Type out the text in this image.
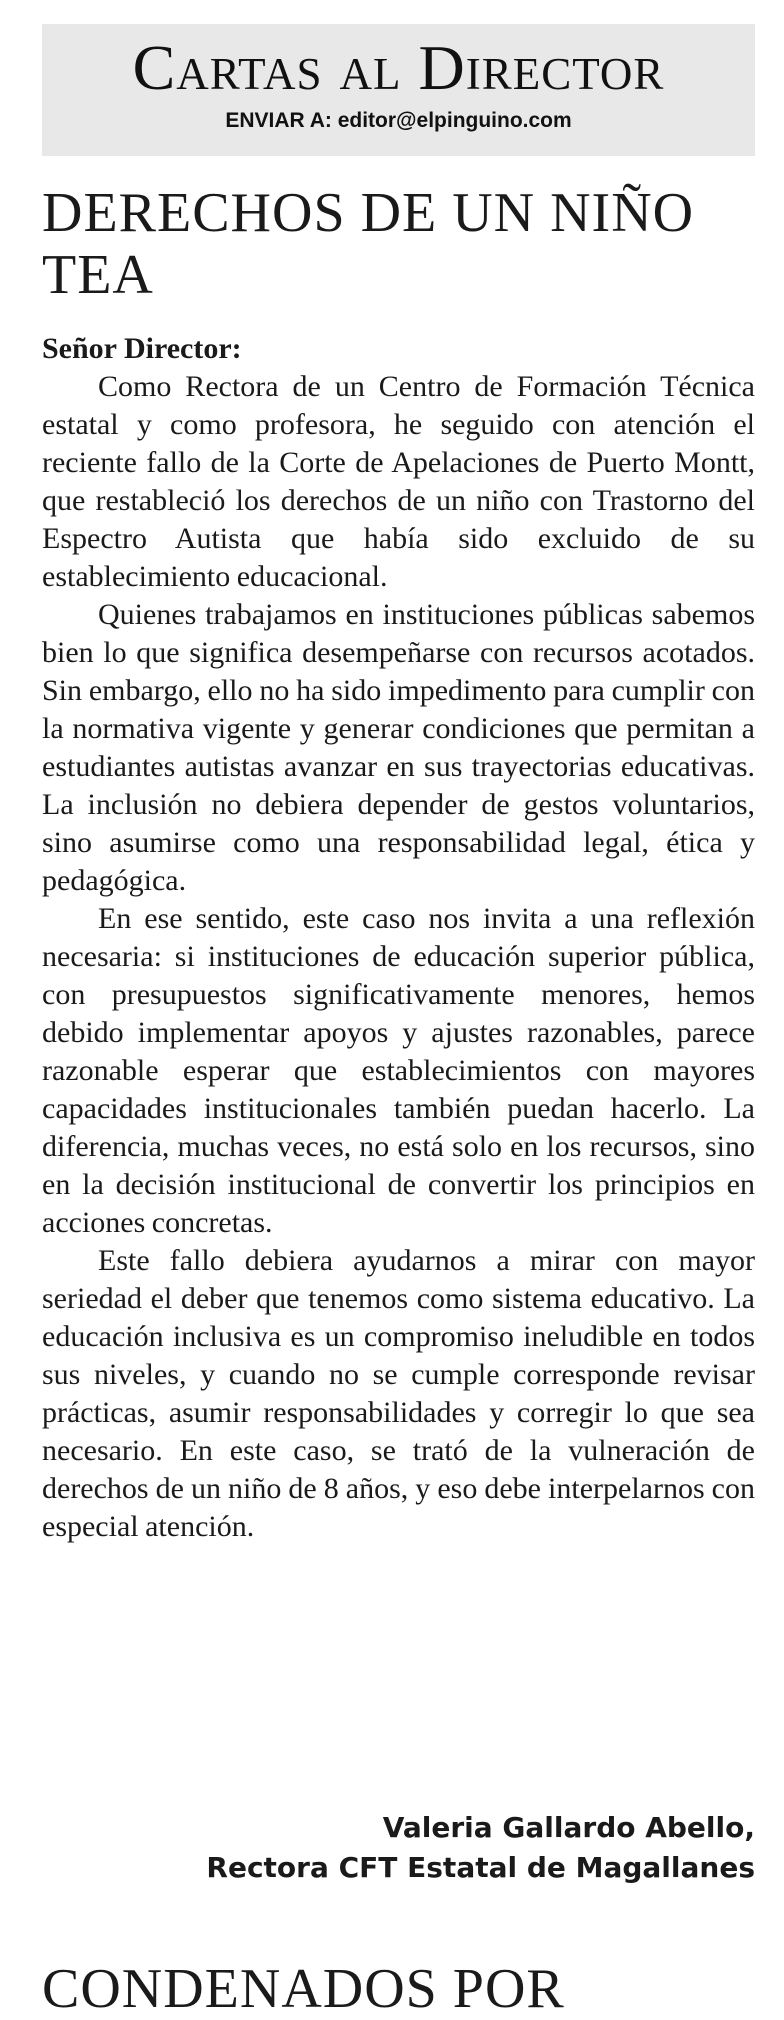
Cartas al Director
ENVIAR A: editor@elpinguino.com
DERECHOS DE UN NIÑO TEA

Señor Director:

Como Rectora de un Centro de Formación Técnica estatal y como profesora, he seguido con atención el reciente fallo de la Corte de Apelaciones de Puerto Montt, que restableció los derechos de un niño con Trastorno del Espectro Autista que había sido excluido de su establecimiento educacional.

Quienes trabajamos en instituciones públicas sabemos bien lo que significa desempeñarse con recursos acotados. Sin embargo, ello no ha sido impedimento para cumplir con la normativa vigente y generar condiciones que permitan a estudiantes autistas avanzar en sus trayectorias educativas. La inclusión no debiera depender de gestos voluntarios, sino asumirse como una responsabilidad legal, ética y pedagógica.

En ese sentido, este caso nos invita a una reflexión necesaria: si instituciones de educación superior pública, con presupuestos significativamente menores, hemos debido implementar apoyos y ajustes razonables, parece razonable esperar que establecimientos con mayores capacidades institucionales también puedan hacerlo. La diferencia, muchas veces, no está solo en los recursos, sino en la decisión institucional de convertir los principios en acciones concretas.

Este fallo debiera ayudarnos a mirar con mayor seriedad el deber que tenemos como sistema educativo. La educación inclusiva es un compromiso ineludible en todos sus niveles, y cuando no se cumple corresponde revisar prácticas, asumir responsabilidades y corregir lo que sea necesario. En este caso, se trató de la vulneración de derechos de un niño de 8 años, y eso debe interpelarnos con especial atención.

Valeria Gallardo Abello,
Rectora CFT Estatal de Magallanes
CONDENADOS POR
